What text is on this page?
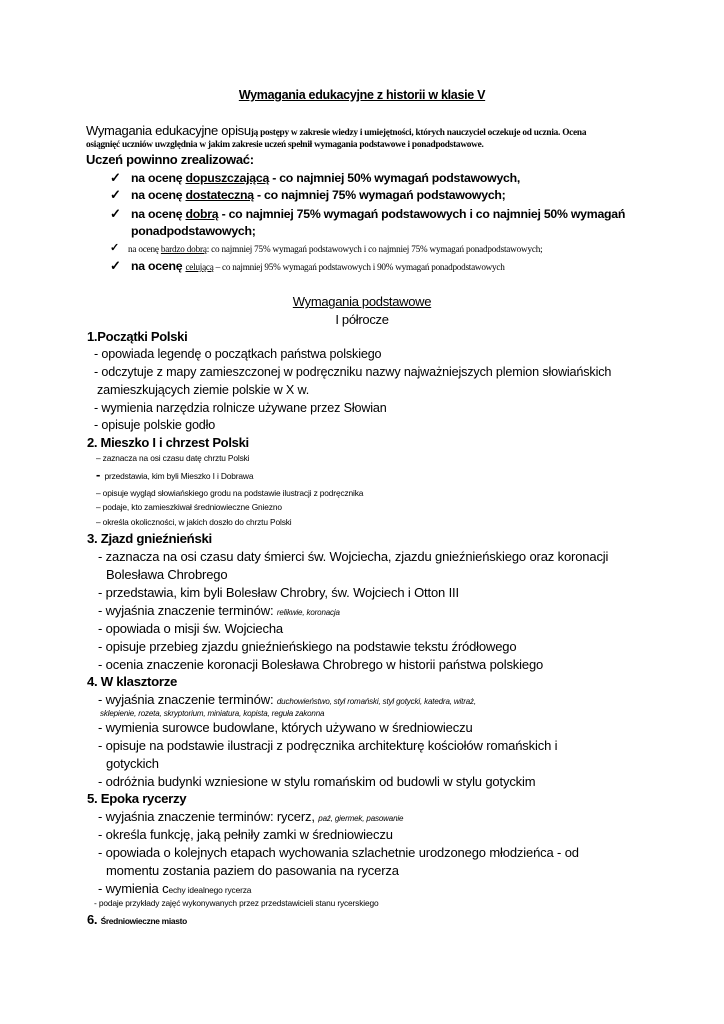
Wymagania edukacyjne z historii w klasie V
Wymagania edukacyjne opisują postępy w zakresie wiedzy i umiejętności, których nauczyciel oczekuje od ucznia. Ocena
osiągnięć uczniów uwzględnia w jakim zakresie uczeń spełnił wymagania podstawowe i ponadpodstawowe.
Uczeń powinno zrealizować:
✓ na ocenę dopuszczającą - co najmniej 50% wymagań podstawowych,
✓ na ocenę dostateczną - co najmniej 75% wymagań podstawowych;
✓ na ocenę dobrą - co najmniej 75% wymagań podstawowych i co najmniej 50% wymagań
ponadpodstawowych;
✓ na ocenę bardzo dobrą: co najmniej 75% wymagań podstawowych i co najmniej 75% wymagań ponadpodstawowych;
✓ na ocenę celującą – co najmniej 95% wymagań podstawowych i 90% wymagań ponadpodstawowych
Wymagania podstawowe
I półrocze
1.Początki Polski
- opowiada legendę o początkach państwa polskiego
- odczytuje z mapy zamieszczonej w podręczniku nazwy najważniejszych plemion słowiańskich
zamieszkujących ziemie polskie w X w.
- wymienia narzędzia rolnicze używane przez Słowian
- opisuje polskie godło
2. Mieszko I i chrzest Polski
– zaznacza na osi czasu datę chrztu Polski
- przedstawia, kim byli Mieszko I i Dobrawa
– opisuje wygląd słowiańskiego grodu na podstawie ilustracji z podręcznika
– podaje, kto zamieszkiwał średniowieczne Gniezno
– określa okoliczności, w jakich doszło do chrztu Polski
3. Zjazd gnieźnieński
- zaznacza na osi czasu daty śmierci św. Wojciecha, zjazdu gnieźnieńskiego oraz koronacji
Bolesława Chrobrego
- przedstawia, kim byli Bolesław Chrobry, św. Wojciech i Otton III
- wyjaśnia znaczenie terminów: relikwie, koronacja
- opowiada o misji św. Wojciecha
- opisuje przebieg zjazdu gnieźnieńskiego na podstawie tekstu źródłowego
- ocenia znaczenie koronacji Bolesława Chrobrego w historii państwa polskiego
4. W klasztorze
- wyjaśnia znaczenie terminów: duchowieństwo, styl romański, styl gotycki, katedra, witraż,
sklepienie, rozeta, skryptorium, miniatura, kopista, reguła zakonna
- wymienia surowce budowlane, których używano w średniowieczu
- opisuje na podstawie ilustracji z podręcznika architekturę kościołów romańskich i
gotyckich
- odróżnia budynki wzniesione w stylu romańskim od budowli w stylu gotyckim
5. Epoka rycerzy
- wyjaśnia znaczenie terminów: rycerz, paź, giermek, pasowanie
- określa funkcję, jaką pełniły zamki w średniowieczu
- opowiada o kolejnych etapach wychowania szlachetnie urodzonego młodzieńca - od
momentu zostania paziem do pasowania na rycerza
- wymienia cechy idealnego rycerza
- podaje przykłady zajęć wykonywanych przez przedstawicieli stanu rycerskiego
6. Średniowieczne miasto
